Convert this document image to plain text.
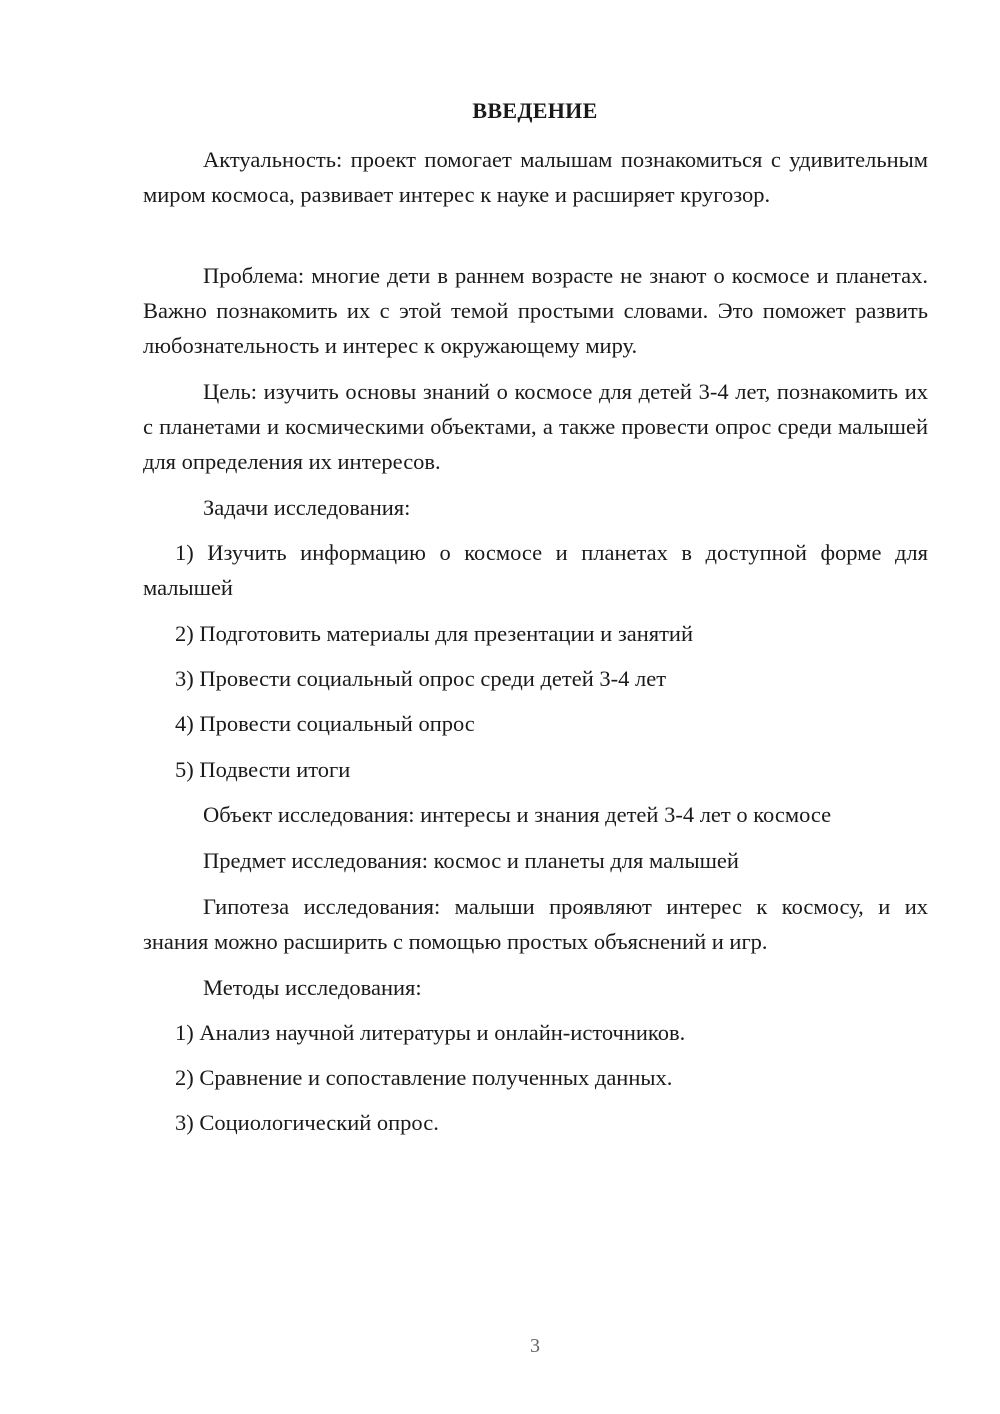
ВВЕДЕНИЕ

Актуальность: проект помогает малышам познакомиться с удивительным миром космоса, развивает интерес к науке и расширяет кругозор.

Проблема: многие дети в раннем возрасте не знают о космосе и планетах. Важно познакомить их с этой темой простыми словами. Это поможет развить любознательность и интерес к окружающему миру.

Цель: изучить основы знаний о космосе для детей 3-4 лет, познакомить их с планетами и космическими объектами, а также провести опрос среди малышей для определения их интересов.

Задачи исследования:

1) Изучить информацию о космосе и планетах в доступной форме для малышей

2) Подготовить материалы для презентации и занятий

3) Провести социальный опрос среди детей 3-4 лет

4) Провести социальный опрос

5) Подвести итоги

Объект исследования: интересы и знания детей 3-4 лет о космосе

Предмет исследования: космос и планеты для малышей

Гипотеза исследования: малыши проявляют интерес к космосу, и их знания можно расширить с помощью простых объяснений и игр.

Методы исследования:

1) Анализ научной литературы и онлайн-источников.

2) Сравнение и сопоставление полученных данных.

3) Социологический опрос.

3
